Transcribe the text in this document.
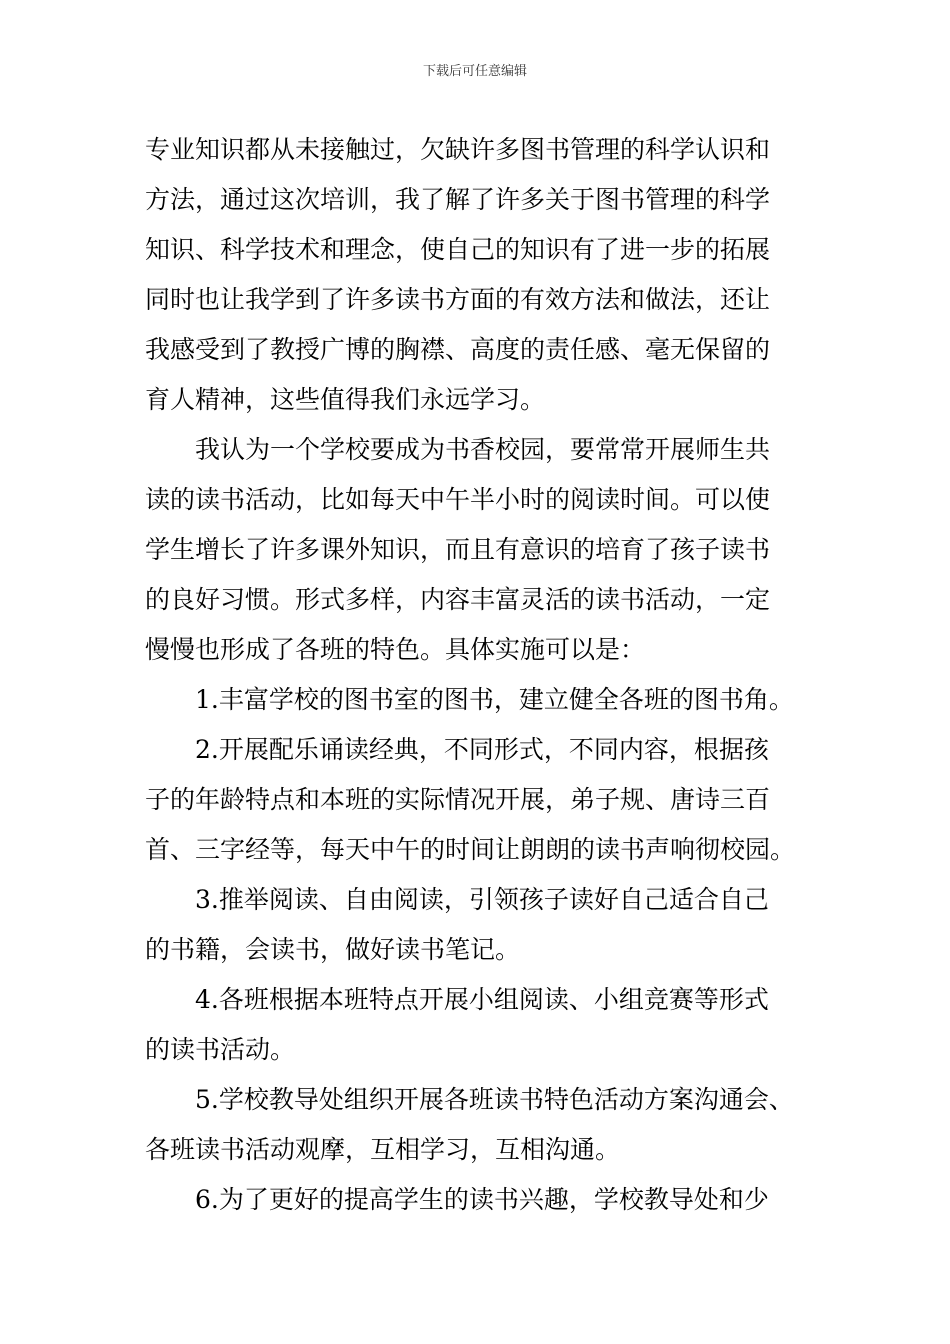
下载后可任意编辑
专业知识都从未接触过，欠缺许多图书管理的科学认识和
方法，通过这次培训，我了解了许多关于图书管理的科学
知识、科学技术和理念，使自己的知识有了进一步的拓展
同时也让我学到了许多读书方面的有效方法和做法，还让
我感受到了教授广博的胸襟、高度的责任感、毫无保留的
育人精神，这些值得我们永远学习。
我认为一个学校要成为书香校园，要常常开展师生共
读的读书活动，比如每天中午半小时的阅读时间。可以使
学生增长了许多课外知识，而且有意识的培育了孩子读书
的良好习惯。形式多样，内容丰富灵活的读书活动，一定
慢慢也形成了各班的特色。具体实施可以是：
1.丰富学校的图书室的图书，建立健全各班的图书角。
2.开展配乐诵读经典，不同形式，不同内容，根据孩
子的年龄特点和本班的实际情况开展，弟子规、唐诗三百
首、三字经等，每天中午的时间让朗朗的读书声响彻校园。
3.推举阅读、自由阅读，引领孩子读好自己适合自己
的书籍，会读书，做好读书笔记。
4.各班根据本班特点开展小组阅读、小组竞赛等形式
的读书活动。
5.学校教导处组织开展各班读书特色活动方案沟通会、
各班读书活动观摩，互相学习，互相沟通。
6.为了更好的提高学生的读书兴趣，学校教导处和少
